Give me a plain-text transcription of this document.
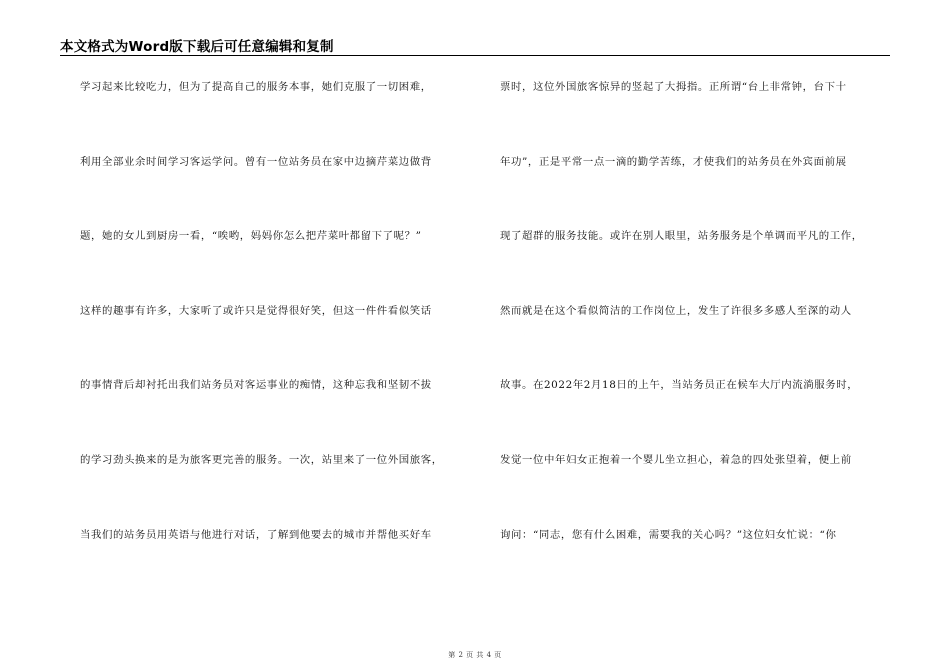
本文格式为Word版下载后可任意编辑和复制
学习起来比较吃力，但为了提高自己的服务本事，她们克服了一切困难，
利用全部业余时间学习客运学问。曾有一位站务员在家中边摘芹菜边做背
题，她的女儿到厨房一看，“唉哟，妈妈你怎么把芹菜叶都留下了呢？”
这样的趣事有许多，大家听了或许只是觉得很好笑，但这一件件看似笑话
的事情背后却衬托出我们站务员对客运事业的痴情，这种忘我和坚韧不拔
的学习劲头换来的是为旅客更完善的服务。一次，站里来了一位外国旅客，
当我们的站务员用英语与他进行对话，了解到他要去的城市并帮他买好车
票时，这位外国旅客惊异的竖起了大拇指。正所谓“台上非常钟，台下十
年功”，正是平常一点一滴的勤学苦练，才使我们的站务员在外宾面前展
现了超群的服务技能。或许在别人眼里，站务服务是个单调而平凡的工作，
然而就是在这个看似简洁的工作岗位上，发生了许很多多感人至深的动人
故事。在2022年2月18日的上午，当站务员正在候车大厅内流淌服务时，
发觉一位中年妇女正抱着一个婴儿坐立担心，着急的四处张望着，便上前
询问：“同志，您有什么困难，需要我的关心吗？”这位妇女忙说：“你
第 2 页 共 4 页
